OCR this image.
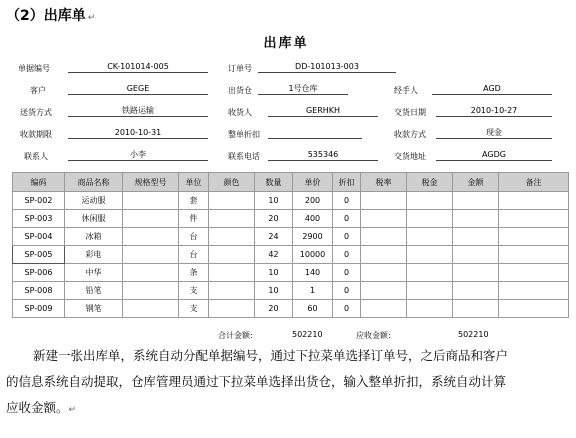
（2）出库单 ↵
出库单
单据编号	CK-101014-005	订单号	DD-101013-003
客户	GEGE	出货仓	1号仓库	经手人	AGD
送货方式	铁路运输	收货人	GERHKH	交货日期	2010-10-27
收款期限	2010-10-31	整单折扣	收款方式	现金
联系人	小李	联系电话	535346	交货地址	AGDG
编码	商品名称	规格型号	单位	颜色	数量	单价	折扣	税率	税金	金额	备注
SP-002	运动服		套		10	200	0				
SP-003	休闲服		件		20	400	0				
SP-004	冰箱		台		24	2900	0				
SP-005	彩电		台		42	10000	0				
SP-006	中华		条		10	140	0				
SP-008	铅笔		支		10	1	0				
SP-009	钢笔		支		20	60	0				
合计金额:	502210	应收金额:	502210
新建一张出库单，系统自动分配单据编号，通过下拉菜单选择订单号，之后商品和客户
的信息系统自动提取，仓库管理员通过下拉菜单选择出货仓，输入整单折扣，系统自动计算
应收金额。↵
